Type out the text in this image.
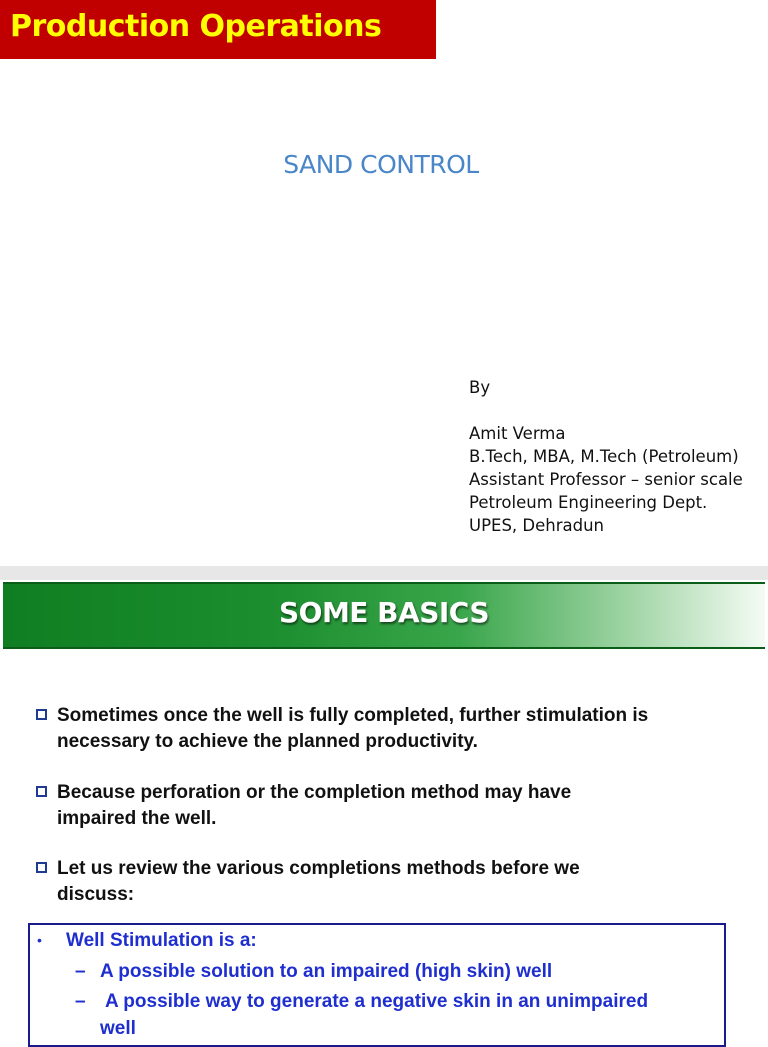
Production Operations
SAND CONTROL
By
Amit Verma
B.Tech, MBA, M.Tech (Petroleum)
Assistant Professor – senior scale
Petroleum Engineering Dept.
UPES, Dehradun
SOME BASICS
Sometimes once the well is fully completed, further stimulation is
necessary to achieve the planned productivity.
Because perforation or the completion method may have
impaired the well.
Let us review the various completions methods before we
discuss:
• Well Stimulation is a:
– A possible solution to an impaired (high skin) well
– A possible way to generate a negative skin in an unimpaired
well
